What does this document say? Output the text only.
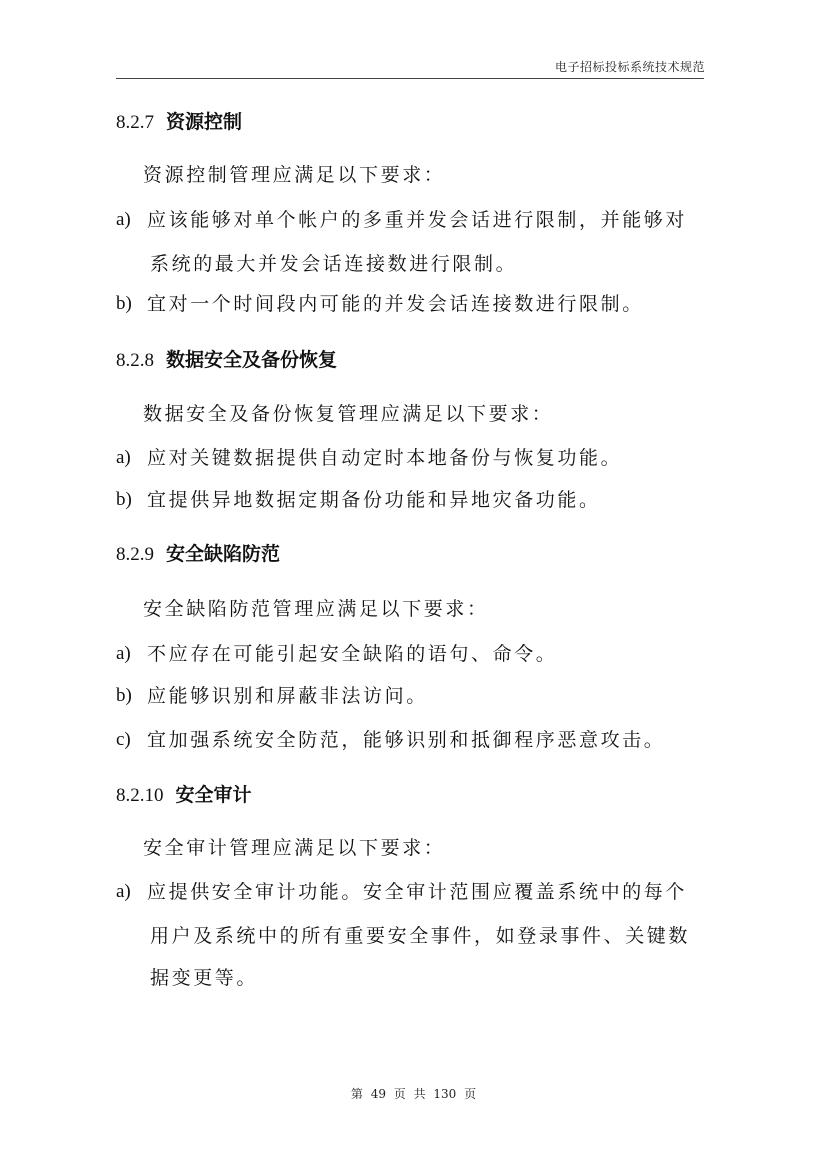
电子招标投标系统技术规范
8.2.7 资源控制
资源控制管理应满足以下要求：
a) 应该能够对单个帐户的多重并发会话进行限制，并能够对
系统的最大并发会话连接数进行限制。
b) 宜对一个时间段内可能的并发会话连接数进行限制。
8.2.8 数据安全及备份恢复
数据安全及备份恢复管理应满足以下要求：
a) 应对关键数据提供自动定时本地备份与恢复功能。
b) 宜提供异地数据定期备份功能和异地灾备功能。
8.2.9 安全缺陷防范
安全缺陷防范管理应满足以下要求：
a) 不应存在可能引起安全缺陷的语句、命令。
b) 应能够识别和屏蔽非法访问。
c) 宜加强系统安全防范，能够识别和抵御程序恶意攻击。
8.2.10 安全审计
安全审计管理应满足以下要求：
a) 应提供安全审计功能。安全审计范围应覆盖系统中的每个
用户及系统中的所有重要安全事件，如登录事件、关键数
据变更等。
第 49 页 共 130 页
